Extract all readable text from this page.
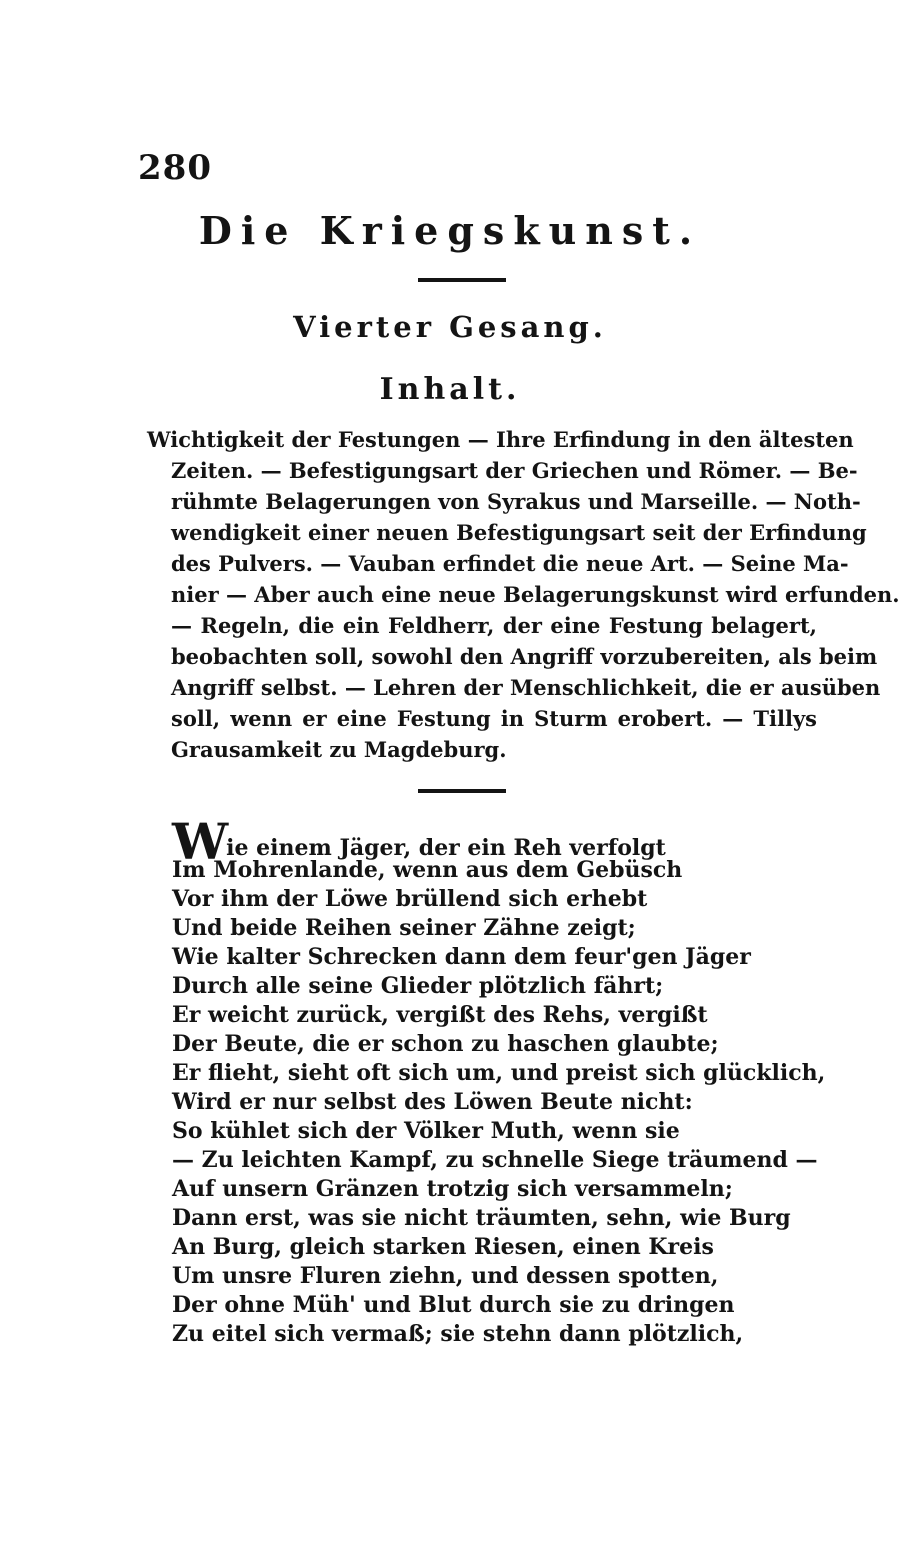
280
Die Kriegskunst.
Vierter Gesang.
Inhalt.
Wichtigkeit der Festungen — Ihre Erfindung in den ältesten
Zeiten. — Befestigungsart der Griechen und Römer. — Be-
rühmte Belagerungen von Syrakus und Marseille. — Noth-
wendigkeit einer neuen Befestigungsart seit der Erfindung
des Pulvers. — Vauban erfindet die neue Art. — Seine Ma-
nier — Aber auch eine neue Belagerungskunst wird erfunden.
— Regeln, die ein Feldherr, der eine Festung belagert,
beobachten soll, sowohl den Angriff vorzubereiten, als beim
Angriff selbst. — Lehren der Menschlichkeit, die er ausüben
soll, wenn er eine Festung in Sturm erobert. — Tillys
Grausamkeit zu Magdeburg.
Wie einem Jäger, der ein Reh verfolgt
Im Mohrenlande, wenn aus dem Gebüsch
Vor ihm der Löwe brüllend sich erhebt
Und beide Reihen seiner Zähne zeigt;
Wie kalter Schrecken dann dem feur'gen Jäger
Durch alle seine Glieder plötzlich fährt;
Er weicht zurück, vergißt des Rehs, vergißt
Der Beute, die er schon zu haschen glaubte;
Er flieht, sieht oft sich um, und preist sich glücklich,
Wird er nur selbst des Löwen Beute nicht:
So kühlet sich der Völker Muth, wenn sie
— Zu leichten Kampf, zu schnelle Siege träumend —
Auf unsern Gränzen trotzig sich versammeln;
Dann erst, was sie nicht träumten, sehn, wie Burg
An Burg, gleich starken Riesen, einen Kreis
Um unsre Fluren ziehn, und dessen spotten,
Der ohne Müh' und Blut durch sie zu dringen
Zu eitel sich vermaß; sie stehn dann plötzlich,
